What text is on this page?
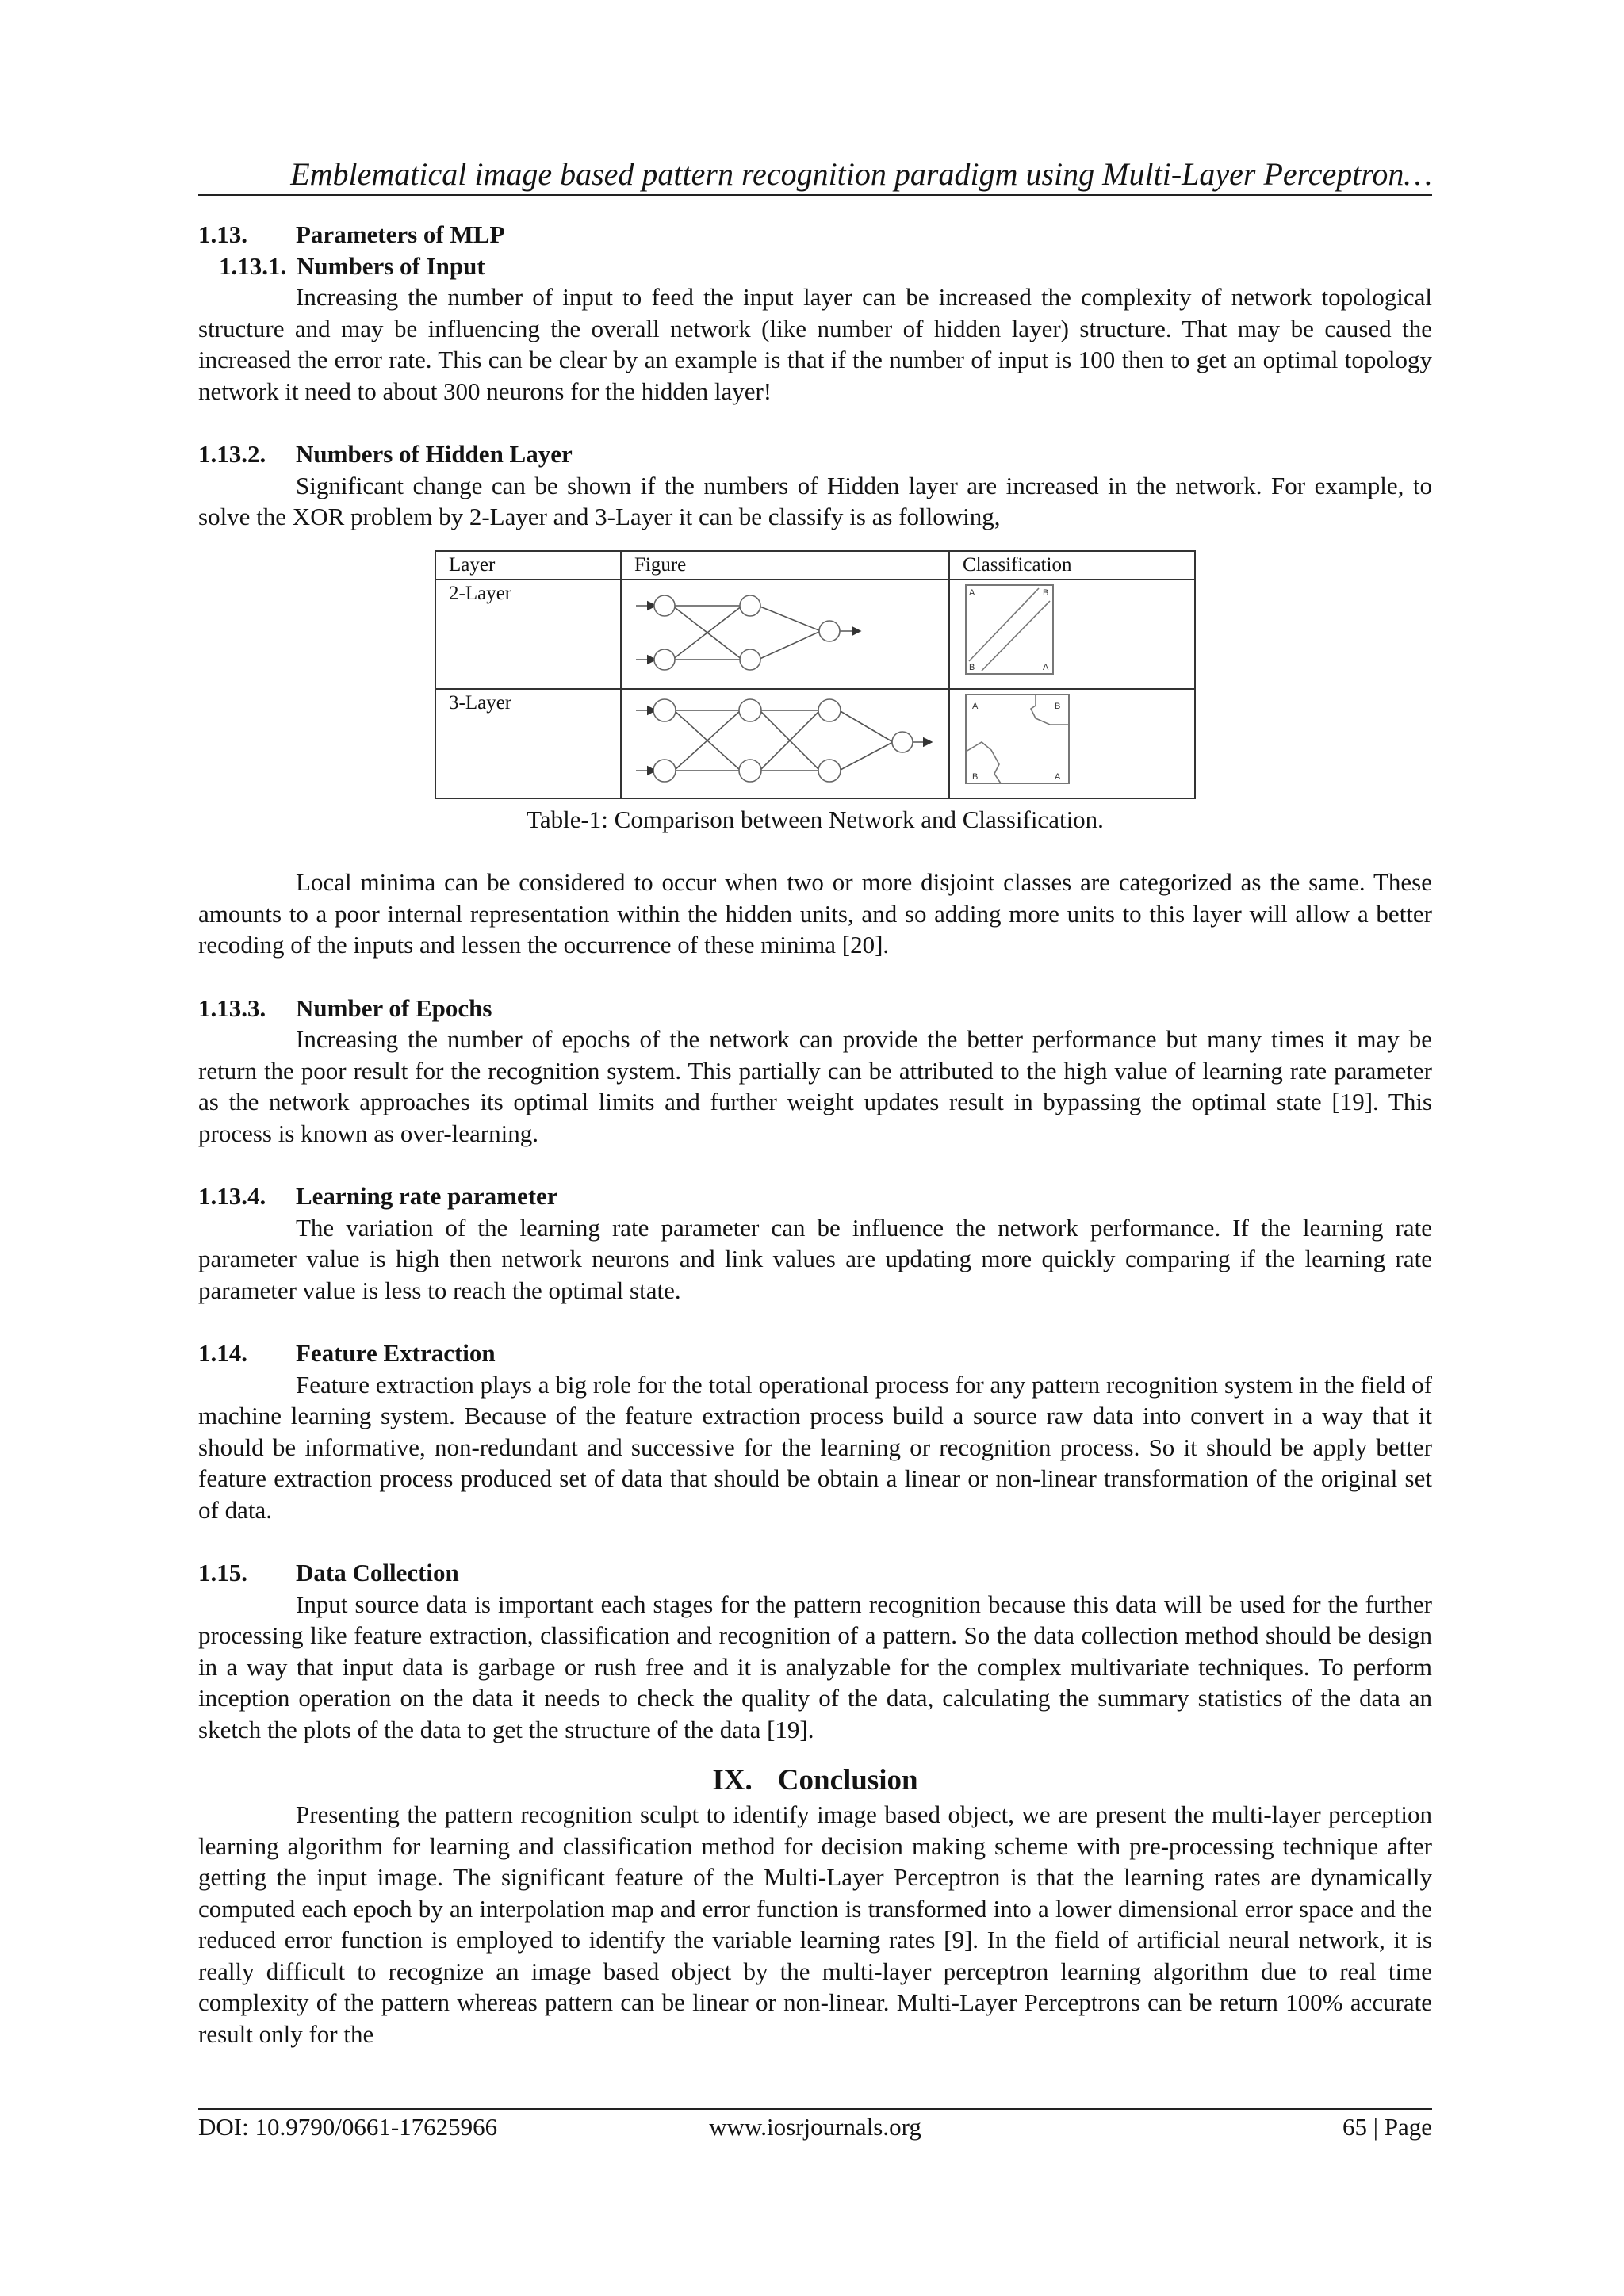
Emblematical image based pattern recognition paradigm using Multi-Layer Perceptron…

1.13. Parameters of MLP

1.13.1. Numbers of Input

Increasing the number of input to feed the input layer can be increased the complexity of network topological structure and may be influencing the overall network (like number of hidden layer) structure. That may be caused the increased the error rate. This can be clear by an example is that if the number of input is 100 then to get an optimal topology network it need to about 300 neurons for the hidden layer!

1.13.2. Numbers of Hidden Layer

Significant change can be shown if the numbers of Hidden layer are increased in the network. For example, to solve the XOR problem by 2-Layer and 3-Layer it can be classify is as following,

Layer	Figure	Classification
2-Layer		A B
B A

3-Layer		A B
B A

Table-1: Comparison between Network and Classification.

Local minima can be considered to occur when two or more disjoint classes are categorized as the same. These amounts to a poor internal representation within the hidden units, and so adding more units to this layer will allow a better recoding of the inputs and lessen the occurrence of these minima [20].

1.13.3. Number of Epochs

Increasing the number of epochs of the network can provide the better performance but many times it may be return the poor result for the recognition system. This partially can be attributed to the high value of learning rate parameter as the network approaches its optimal limits and further weight updates result in bypassing the optimal state [19]. This process is known as over-learning.

1.13.4. Learning rate parameter

The variation of the learning rate parameter can be influence the network performance. If the learning rate parameter value is high then network neurons and link values are updating more quickly comparing if the learning rate parameter value is less to reach the optimal state.

1.14. Feature Extraction

Feature extraction plays a big role for the total operational process for any pattern recognition system in the field of machine learning system. Because of the feature extraction process build a source raw data into convert in a way that it should be informative, non-redundant and successive for the learning or recognition process. So it should be apply better feature extraction process produced set of data that should be obtain a linear or non-linear transformation of the original set of data.

1.15. Data Collection

Input source data is important each stages for the pattern recognition because this data will be used for the further processing like feature extraction, classification and recognition of a pattern. So the data collection method should be design in a way that input data is garbage or rush free and it is analyzable for the complex multivariate techniques. To perform inception operation on the data it needs to check the quality of the data, calculating the summary statistics of the data an sketch the plots of the data to get the structure of the data [19].

IX. Conclusion

Presenting the pattern recognition sculpt to identify image based object, we are present the multi-layer perception learning algorithm for learning and classification method for decision making scheme with pre-processing technique after getting the input image. The significant feature of the Multi-Layer Perceptron is that the learning rates are dynamically computed each epoch by an interpolation map and error function is transformed into a lower dimensional error space and the reduced error function is employed to identify the variable learning rates [9]. In the field of artificial neural network, it is really difficult to recognize an image based object by the multi-layer perceptron learning algorithm due to real time complexity of the pattern whereas pattern can be linear or non-linear. Multi-Layer Perceptrons can be return 100% accurate result only for the

DOI: 10.9790/0661-17625966	www.iosrjournals.org	65 | Page
